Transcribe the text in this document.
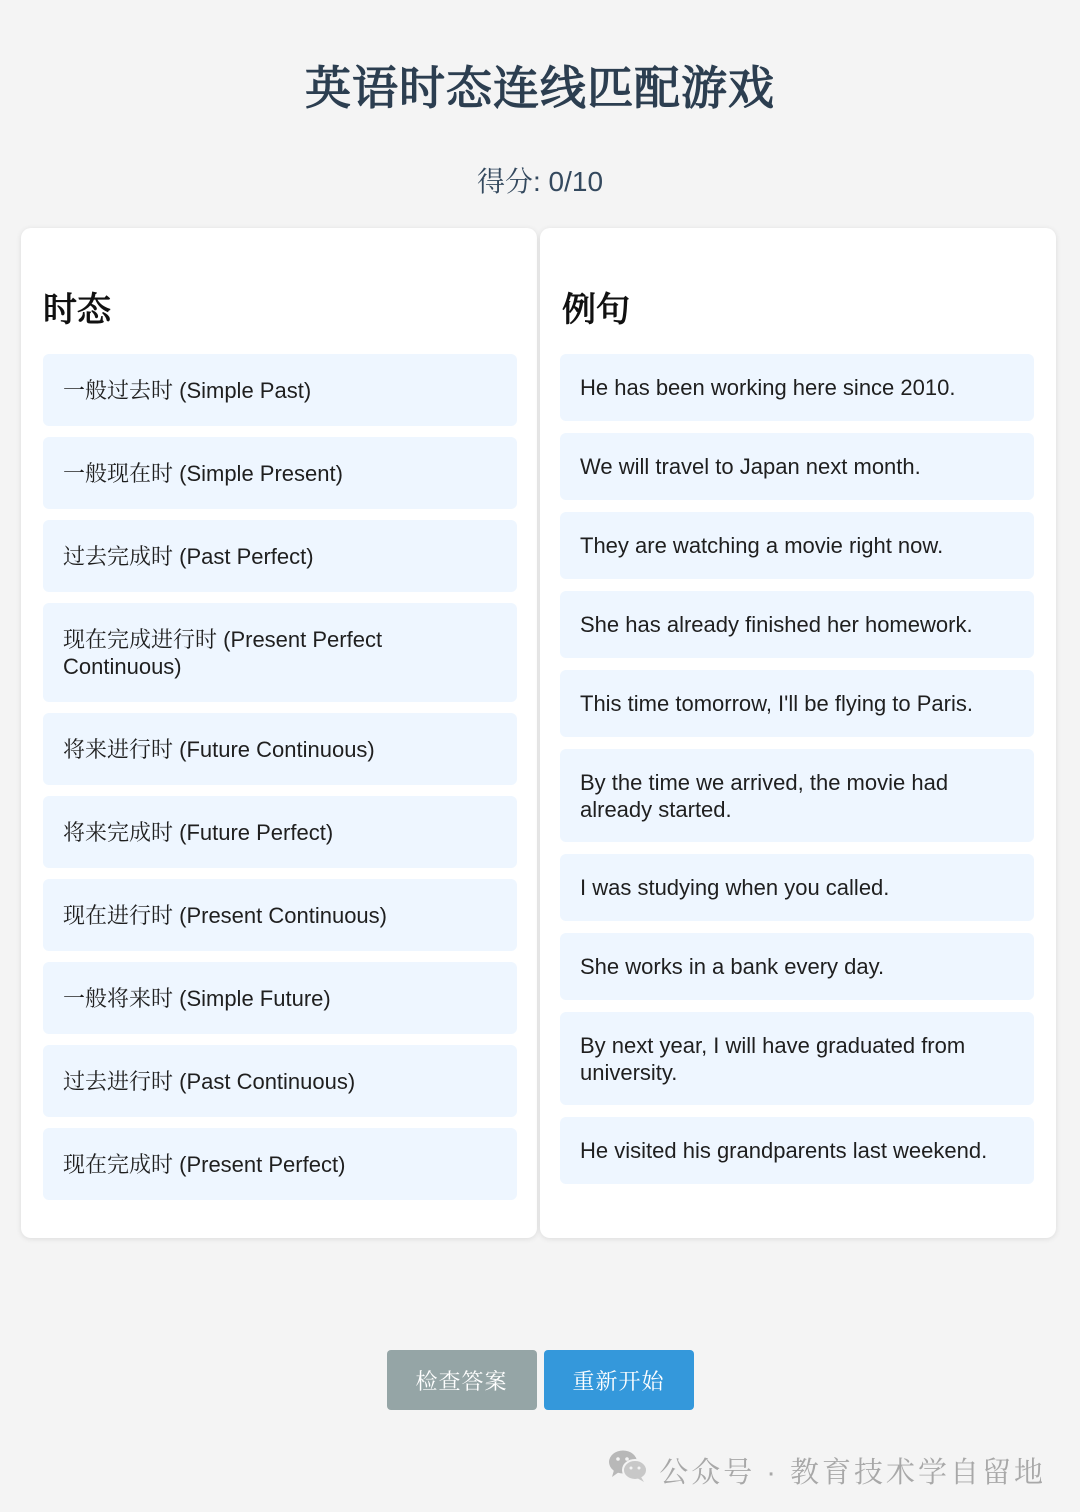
英语时态连线匹配游戏
得分: 0/10
时态
一般过去时 (Simple Past)
一般现在时 (Simple Present)
过去完成时 (Past Perfect)
现在完成进行时 (Present Perfect Continuous)
将来进行时 (Future Continuous)
将来完成时 (Future Perfect)
现在进行时 (Present Continuous)
一般将来时 (Simple Future)
过去进行时 (Past Continuous)
现在完成时 (Present Perfect)
例句
He has been working here since 2010.
We will travel to Japan next month.
They are watching a movie right now.
She has already finished her homework.
This time tomorrow, I'll be flying to Paris.
By the time we arrived, the movie had already started.
I was studying when you called.
She works in a bank every day.
By next year, I will have graduated from university.
He visited his grandparents last weekend.
检查答案	重新开始
公众号 · 教育技术学自留地
